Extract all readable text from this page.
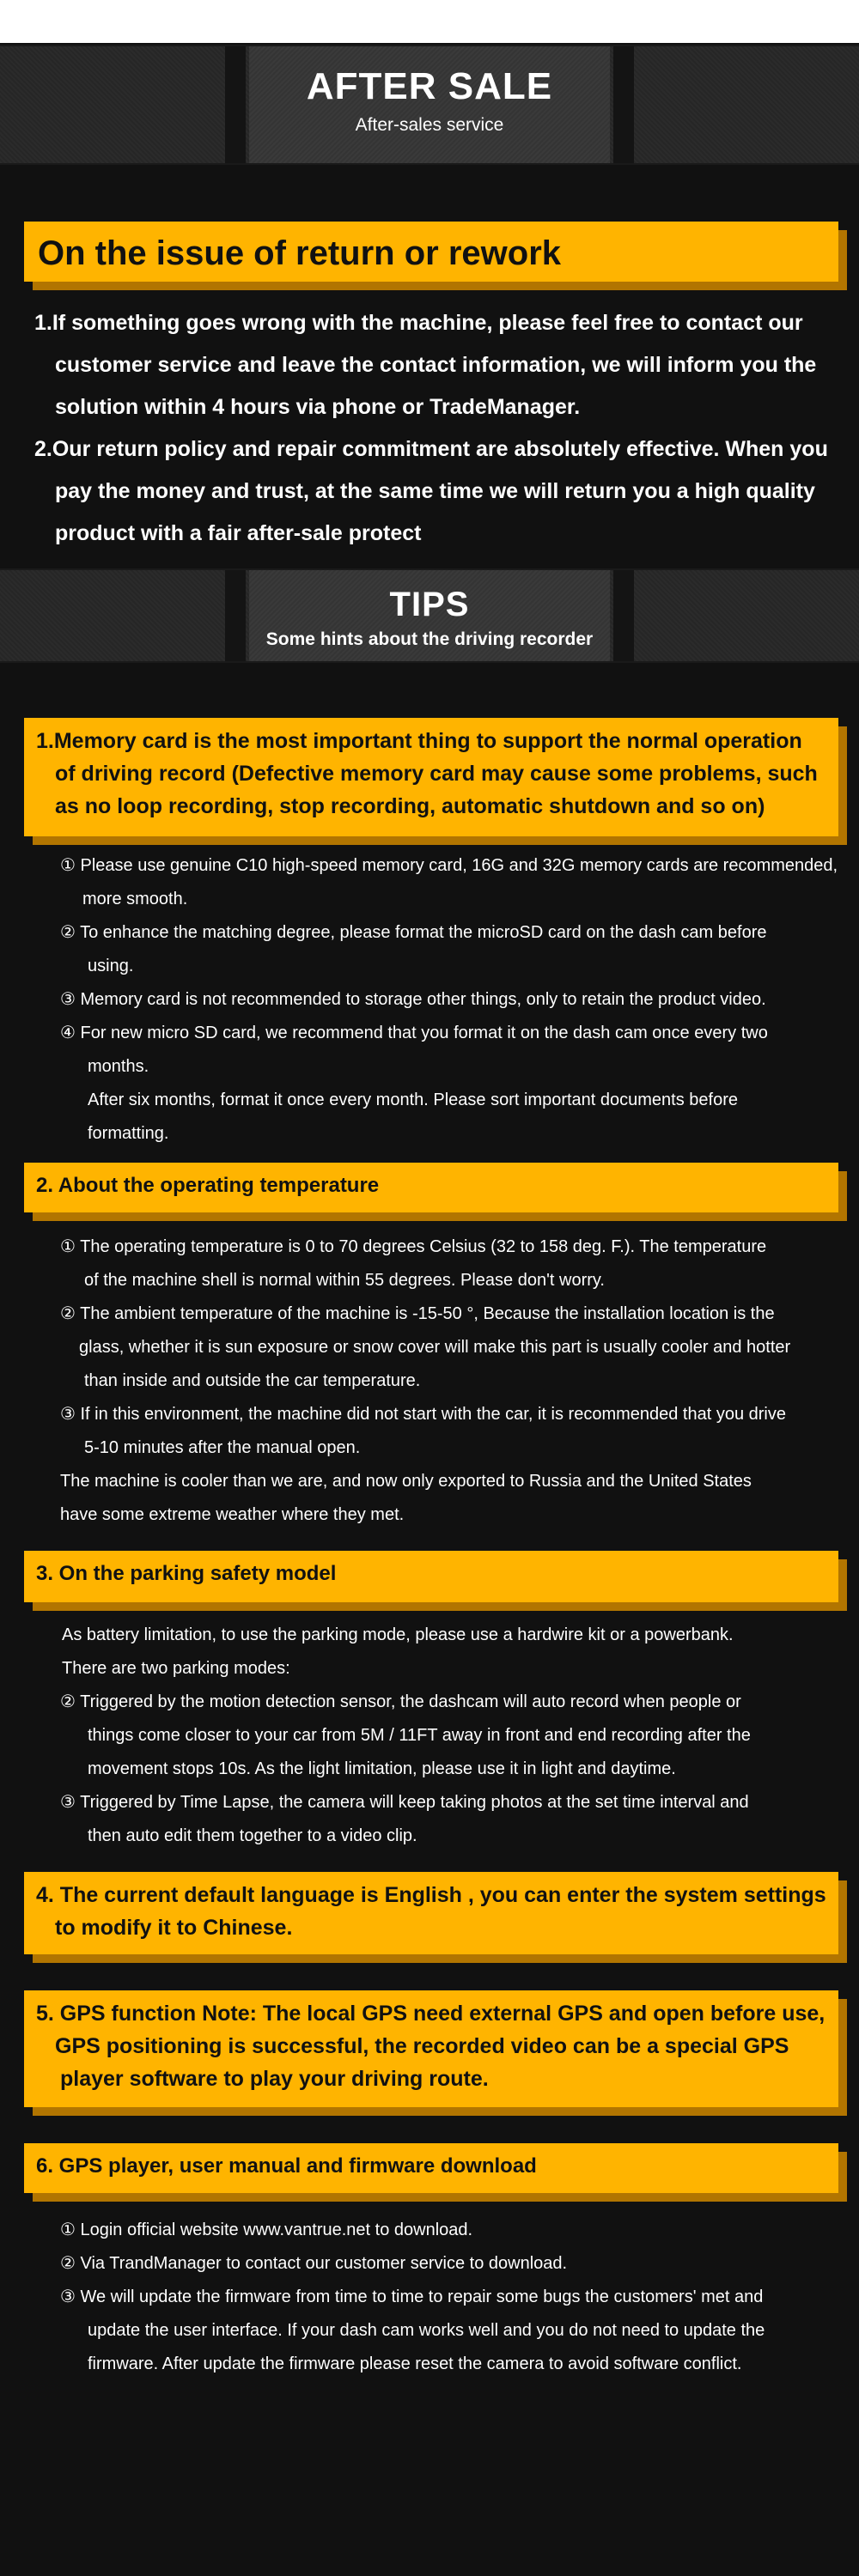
AFTER SALE
After-sales service
On the issue of return or rework
1.If something goes wrong with the machine, please feel free to contact our
customer service and leave the contact information, we will inform you the
solution within 4 hours via phone or TradeManager.
2.Our return policy and repair commitment are absolutely effective. When you
pay the money and trust, at the same time we will return you a high quality
product with a fair after-sale protect
TIPS
Some hints about the driving recorder
1.Memory card is the most important thing to support the normal operation
of driving record (Defective memory card may cause some problems, such
as no loop recording, stop recording, automatic shutdown and so on)
① Please use genuine C10 high-speed memory card, 16G and 32G memory cards are recommended,
more smooth.
② To enhance the matching degree, please format the microSD card on the dash cam before
using.
③ Memory card is not recommended to storage other things, only to retain the product video.
④ For new micro SD card, we recommend that you format it on the dash cam once every two
months.
After six months, format it once every month. Please sort important documents before
formatting.
2. About the operating temperature
① The operating temperature is 0 to 70 degrees Celsius (32 to 158 deg. F.). The temperature
of the machine shell is normal within 55 degrees. Please don't worry.
② The ambient temperature of the machine is -15-50 °, Because the installation location is the
glass, whether it is sun exposure or snow cover will make this part is usually cooler and hotter
than inside and outside the car temperature.
③ If in this environment, the machine did not start with the car, it is recommended that you drive
5-10 minutes after the manual open.
The machine is cooler than we are, and now only exported to Russia and the United States
have some extreme weather where they met.
3. On the parking safety model
As battery limitation, to use the parking mode, please use a hardwire kit or a powerbank.
There are two parking modes:
② Triggered by the motion detection sensor, the dashcam will auto record when people or
things come closer to your car from 5M / 11FT away in front and end recording after the
movement stops 10s. As the light limitation, please use it in light and daytime.
③ Triggered by Time Lapse, the camera will keep taking photos at the set time interval and
then auto edit them together to a video clip.
4. The current default language is English , you can enter the system settings
to modify it to Chinese.
5. GPS function Note: The local GPS need external GPS and open before use,
GPS positioning is successful, the recorded video can be a special GPS
player software to play your driving route.
6. GPS player, user manual and firmware download
① Login official website www.vantrue.net to download.
② Via TrandManager to contact our customer service to download.
③ We will update the firmware from time to time to repair some bugs the customers' met and
update the user interface. If your dash cam works well and you do not need to update the
firmware. After update the firmware please reset the camera to avoid software conflict.
